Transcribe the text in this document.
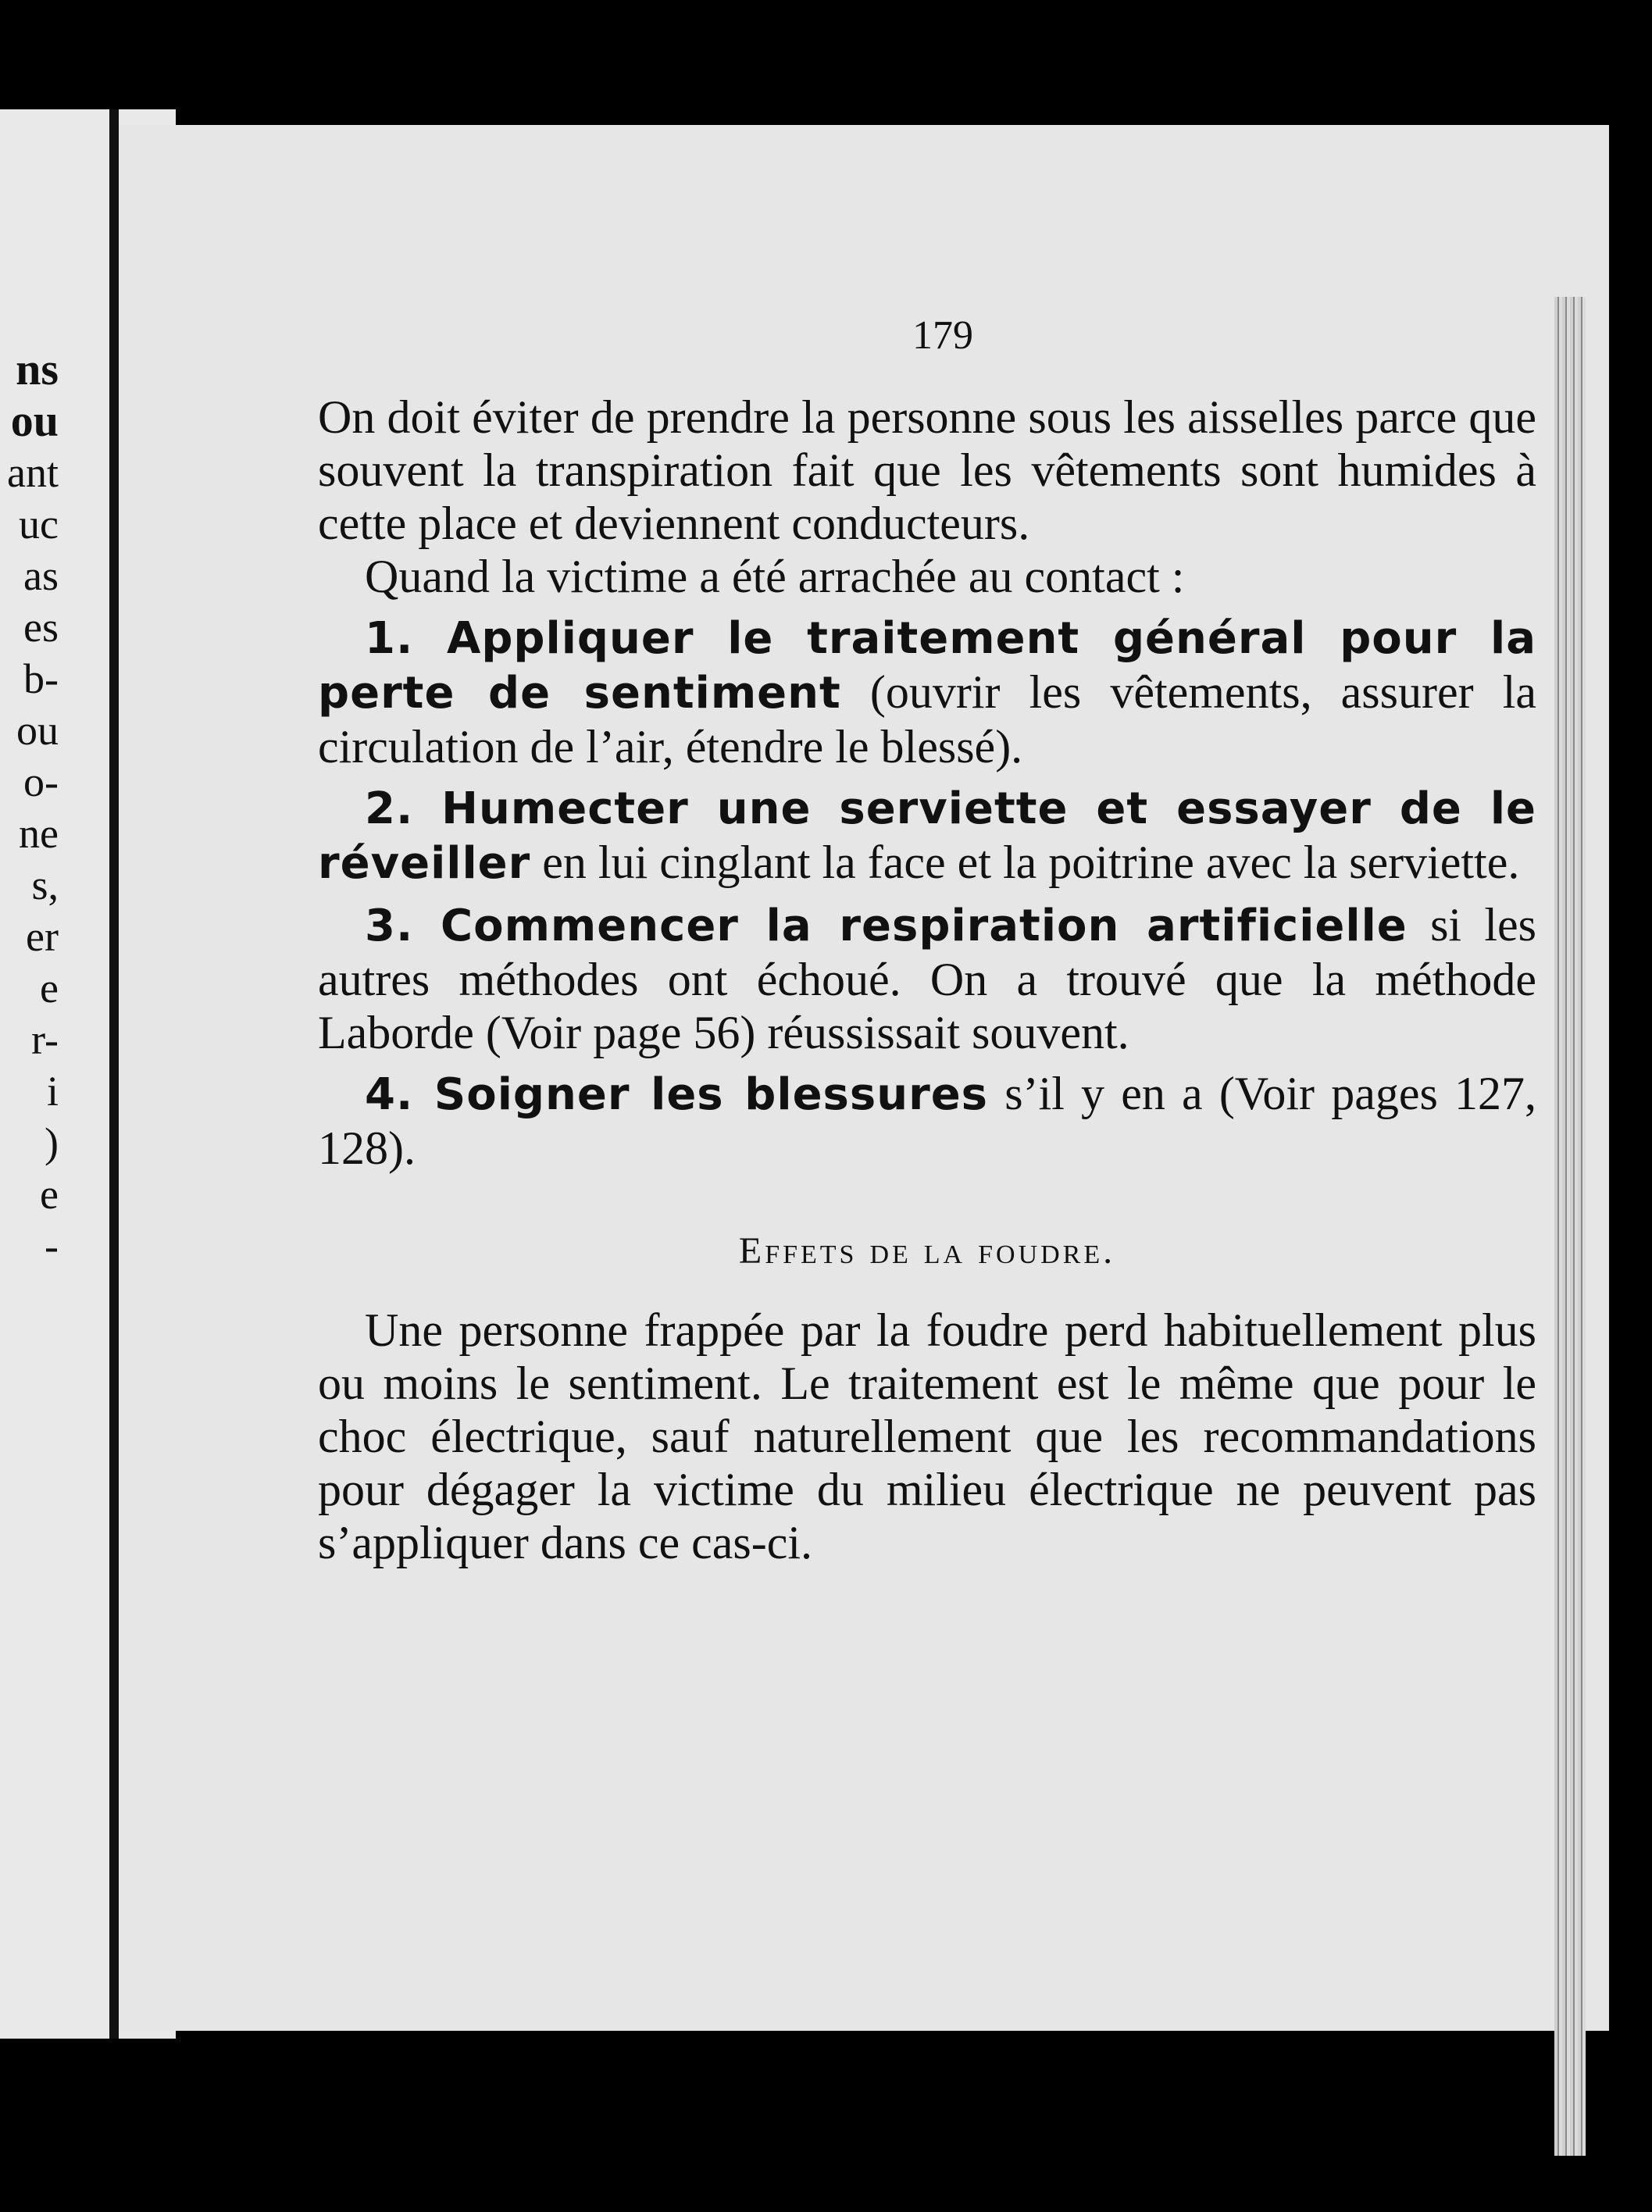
ns
ou
ant
uc
as
es
b-
ou
o-
ne
s,
er
e
r-
i
)
e
-
179

On doit éviter de prendre la personne sous les aisselles parce que souvent la transpiration fait que les vêtements sont humides à cette place et deviennent conducteurs.

Quand la victime a été arrachée au contact :

1. Appliquer le traitement général pour la perte de sentiment (ouvrir les vêtements, assurer la circulation de l’air, étendre le blessé).

2. Humecter une serviette et essayer de le réveiller en lui cinglant la face et la poitrine avec la serviette.

3. Commencer la respiration artificielle si les autres méthodes ont échoué. On a trouvé que la méthode Laborde (Voir page 56) réussissait souvent.

4. Soigner les blessures s’il y en a (Voir pages 127, 128).

Effets de la foudre.

Une personne frappée par la foudre perd habituellement plus ou moins le sentiment. Le traitement est le même que pour le choc électrique, sauf naturellement que les recommandations pour dégager la victime du milieu électrique ne peuvent pas s’appliquer dans ce cas-ci.
